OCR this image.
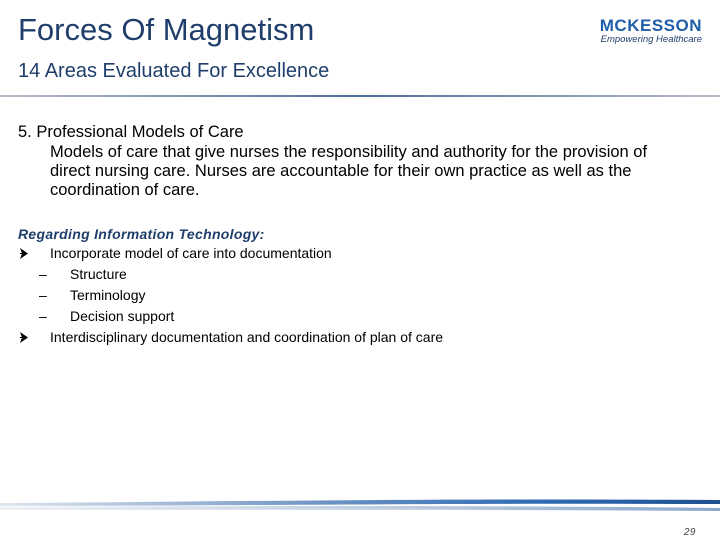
Forces Of Magnetism
14 Areas Evaluated For Excellence
MCKESSON
Empowering Healthcare
5. Professional Models of Care
Models of care that give nurses the responsibility and authority for the provision of direct nursing care. Nurses are accountable for their own practice as well as the coordination of care.
Regarding Information Technology:
Incorporate model of care into documentation
– Structure
– Terminology
– Decision support
Interdisciplinary documentation and coordination of plan of care
29
